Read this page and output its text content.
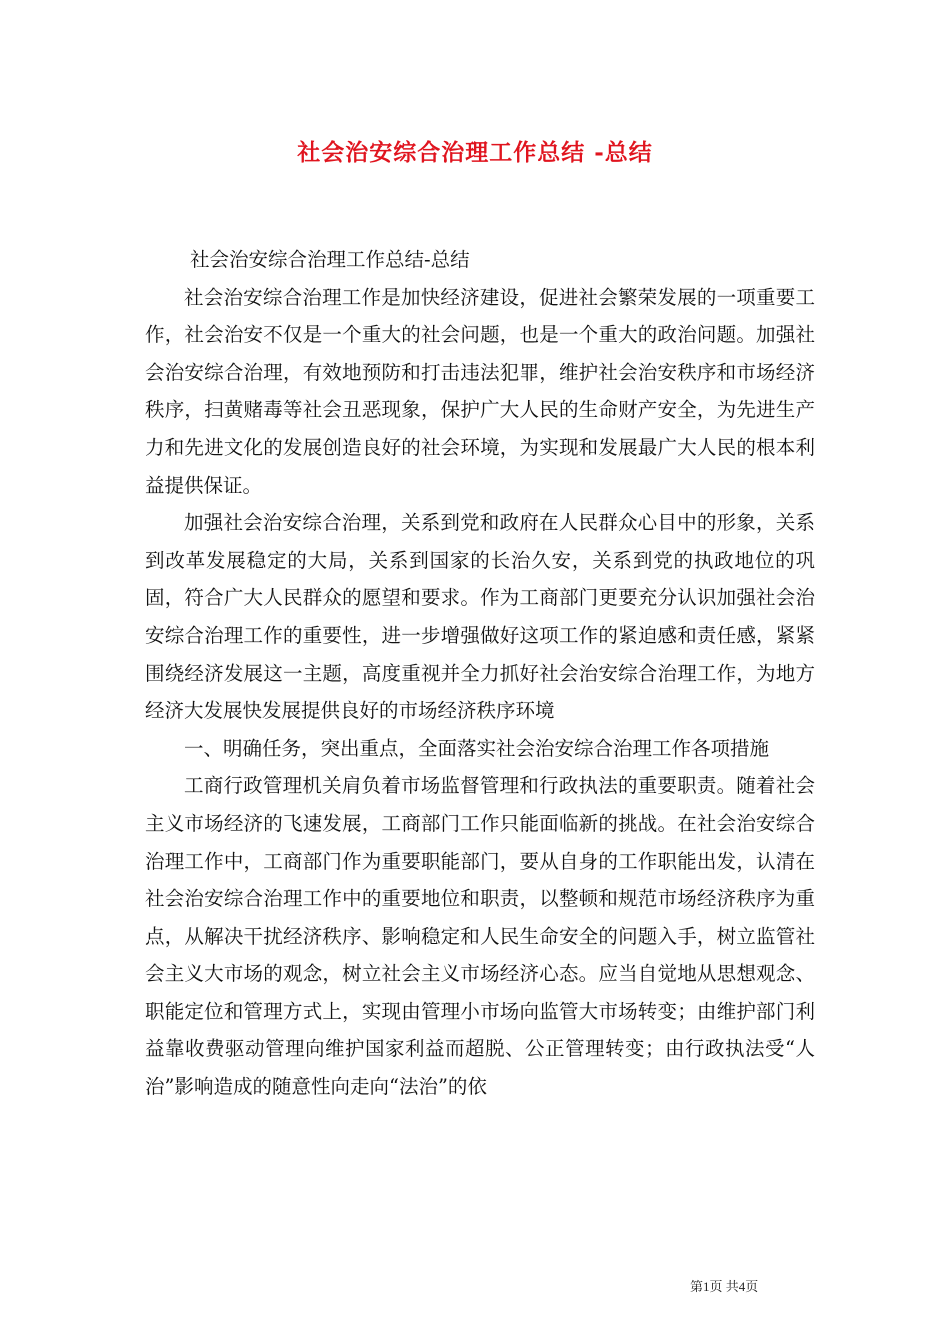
社会治安综合治理工作总结 -总结

社会治安综合治理工作总结-总结

社会治安综合治理工作是加快经济建设，促进社会繁荣发展的一项重要工作，社会治安不仅是一个重大的社会问题，也是一个重大的政治问题。加强社会治安综合治理，有效地预防和打击违法犯罪，维护社会治安秩序和市场经济秩序，扫黄赌毒等社会丑恶现象，保护广大人民的生命财产安全，为先进生产力和先进文化的发展创造良好的社会环境，为实现和发展最广大人民的根本利益提供保证。

加强社会治安综合治理，关系到党和政府在人民群众心目中的形象，关系到改革发展稳定的大局，关系到国家的长治久安，关系到党的执政地位的巩固，符合广大人民群众的愿望和要求。作为工商部门更要充分认识加强社会治安综合治理工作的重要性，进一步增强做好这项工作的紧迫感和责任感，紧紧围绕经济发展这一主题，高度重视并全力抓好社会治安综合治理工作，为地方经济大发展快发展提供良好的市场经济秩序环境

一、明确任务，突出重点，全面落实社会治安综合治理工作各项措施

工商行政管理机关肩负着市场监督管理和行政执法的重要职责。随着社会主义市场经济的飞速发展，工商部门工作只能面临新的挑战。在社会治安综合治理工作中，工商部门作为重要职能部门，要从自身的工作职能出发，认清在社会治安综合治理工作中的重要地位和职责，以整顿和规范市场经济秩序为重点，从解决干扰经济秩序、影响稳定和人民生命安全的问题入手，树立监管社会主义大市场的观念，树立社会主义市场经济心态。应当自觉地从思想观念、职能定位和管理方式上，实现由管理小市场向监管大市场转变；由维护部门利益靠收费驱动管理向维护国家利益而超脱、公正管理转变；由行政执法受“人治”影响造成的随意性向走向“法治”的依

第1页 共4页
